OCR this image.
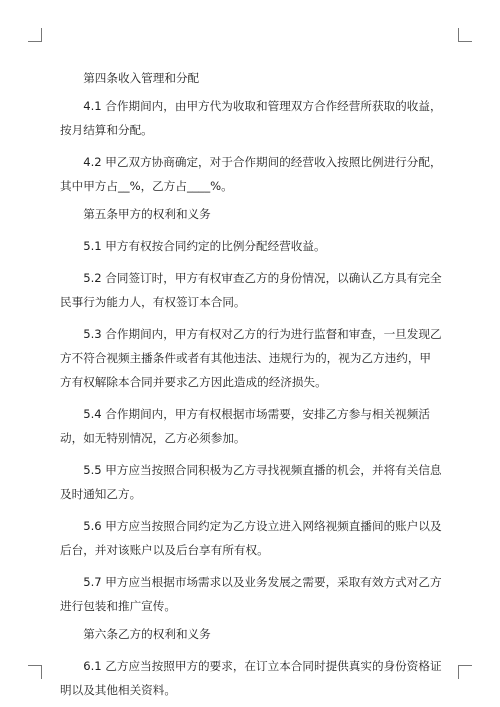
第四条收入管理和分配

4.1 合作期间内，由甲方代为收取和管理双方合作经营所获取的收益，按月结算和分配。

4.2 甲乙双方协商确定，对于合作期间的经营收入按照比例进行分配，其中甲方占__%，乙方占____%。

第五条甲方的权利和义务

5.1 甲方有权按合同约定的比例分配经营收益。

5.2 合同签订时，甲方有权审查乙方的身份情况，以确认乙方具有完全民事行为能力人，有权签订本合同。

5.3 合作期间内，甲方有权对乙方的行为进行监督和审查，一旦发现乙方不符合视频主播条件或者有其他违法、违规行为的，视为乙方违约，甲方有权解除本合同并要求乙方因此造成的经济损失。

5.4 合作期间内，甲方有权根据市场需要，安排乙方参与相关视频活动，如无特别情况，乙方必须参加。

5.5 甲方应当按照合同积极为乙方寻找视频直播的机会，并将有关信息及时通知乙方。

5.6 甲方应当按照合同约定为乙方设立进入网络视频直播间的账户以及后台，并对该账户以及后台享有所有权。

5.7 甲方应当根据市场需求以及业务发展之需要，采取有效方式对乙方进行包装和推广宣传。

第六条乙方的权利和义务

6.1 乙方应当按照甲方的要求，在订立本合同时提供真实的身份资格证明以及其他相关资料。
